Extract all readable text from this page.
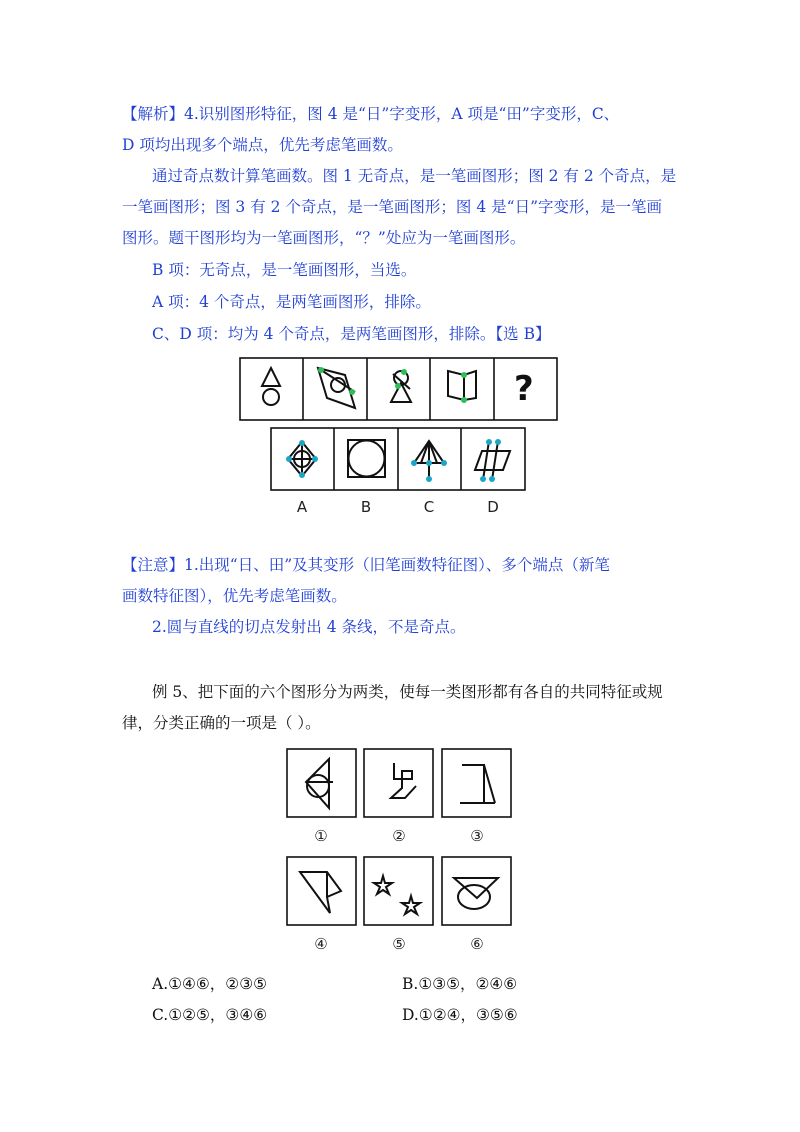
【解析】4.识别图形特征，图 4 是“日”字变形，A 项是“田”字变形，C、
D 项均出现多个端点，优先考虑笔画数。
通过奇点数计算笔画数。图 1 无奇点，是一笔画图形；图 2 有 2 个奇点，是
一笔画图形；图 3 有 2 个奇点，是一笔画图形；图 4 是“日”字变形，是一笔画
图形。题干图形均为一笔画图形，“？”处应为一笔画图形。
B 项：无奇点，是一笔画图形，当选。
A 项：4 个奇点，是两笔画图形，排除。
C、D 项：均为 4 个奇点，是两笔画图形，排除。【选 B】
?
A	B	C	D
【注意】1.出现“日、田”及其变形（旧笔画数特征图）、多个端点（新笔
画数特征图），优先考虑笔画数。
2.圆与直线的切点发射出 4 条线，不是奇点。
例 5、把下面的六个图形分为两类，使每一类图形都有各自的共同特征或规
律，分类正确的一项是（ ）。
①	②	③
④	⑤	⑥
A.①④⑥，②③⑤	B.①③⑤，②④⑥
C.①②⑤，③④⑥	D.①②④，③⑤⑥
